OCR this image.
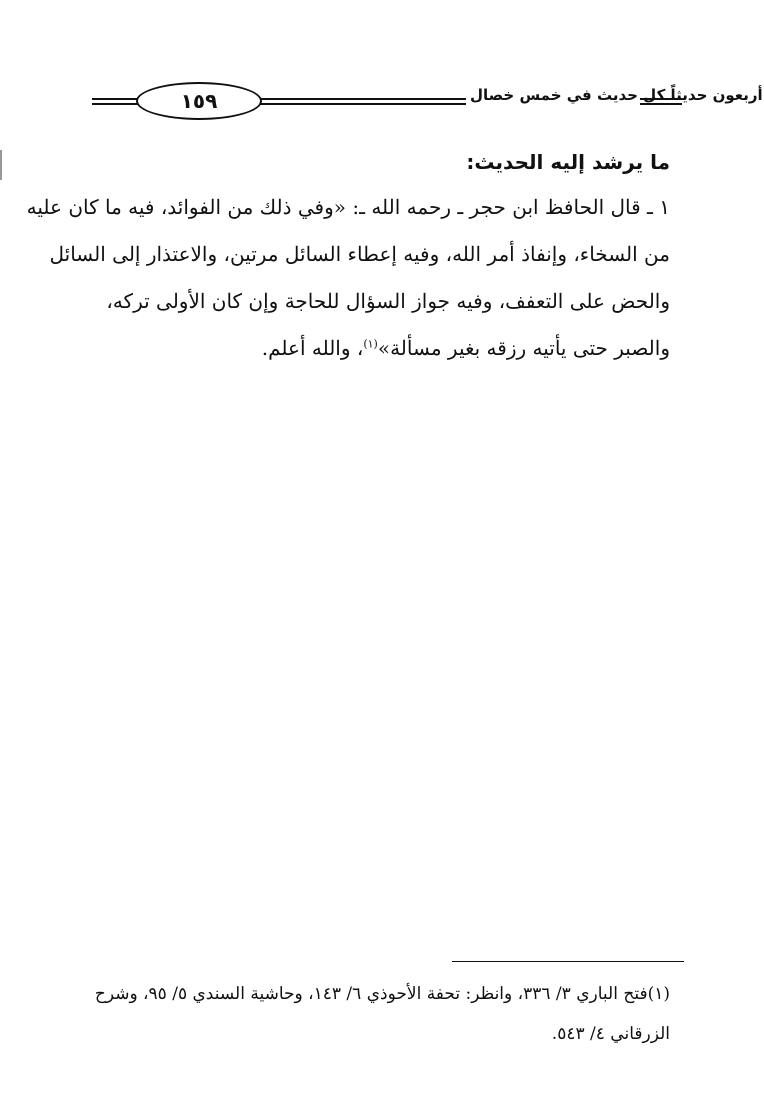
١٥٩	أربعون حديثاً كل حديث في خمس خصال
ما يرشد إليه الحديث:
١ ـ قال الحافظ ابن حجر ـ رحمه الله ـ: «وفي ذلك من الفوائد، فيه ما كان عليه
من السخاء، وإنفاذ أمر الله، وفيه إعطاء السائل مرتين، والاعتذار إلى السائل
والحض على التعفف، وفيه جواز السؤال للحاجة وإن كان الأولى تركه،
والصبر حتى يأتيه رزقه بغير مسألة»$^{(١)}$، والله أعلم.
(١)فتح الباري ٣/ ٣٣٦، وانظر: تحفة الأحوذي ٦/ ١٤٣، وحاشية السندي ٥/ ٩٥، وشرح
الزرقاني ٤/ ٥٤٣.
